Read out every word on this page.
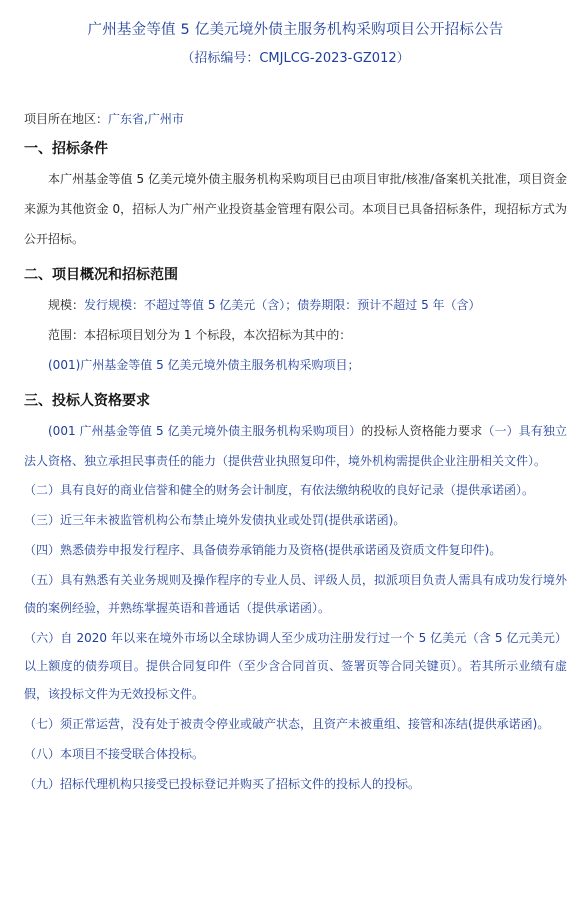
广州基金等值 5 亿美元境外债主服务机构采购项目公开招标公告
（招标编号：CMJLCG-2023-GZ012）
项目所在地区：广东省,广州市
一、招标条件

本广州基金等值 5 亿美元境外债主服务机构采购项目已由项目审批/核准/备案机关批准，项目资金来源为其他资金 0，招标人为广州产业投资基金管理有限公司。本项目已具备招标条件，现招标方式为公开招标。

二、项目概况和招标范围

规模：发行规模：不超过等值 5 亿美元（含）；债券期限：预计不超过 5 年（含）

范围：本招标项目划分为 1 个标段，本次招标为其中的：

(001)广州基金等值 5 亿美元境外债主服务机构采购项目；

三、投标人资格要求

(001 广州基金等值 5 亿美元境外债主服务机构采购项目）的投标人资格能力要求（一）具有独立法人资格、独立承担民事责任的能力（提供营业执照复印件，境外机构需提供企业注册相关文件）。

（二）具有良好的商业信誉和健全的财务会计制度，有依法缴纳税收的良好记录（提供承诺函）。

（三）近三年未被监管机构公布禁止境外发债执业或处罚(提供承诺函)。

（四）熟悉债券申报发行程序、具备债券承销能力及资格(提供承诺函及资质文件复印件)。

（五）具有熟悉有关业务规则及操作程序的专业人员、评级人员，拟派项目负责人需具有成功发行境外债的案例经验，并熟练掌握英语和普通话（提供承诺函）。

（六）自 2020 年以来在境外市场以全球协调人至少成功注册发行过一个 5 亿美元（含 5 亿元美元）以上额度的债券项目。提供合同复印件（至少含合同首页、签署页等合同关键页）。若其所示业绩有虚假，该投标文件为无效投标文件。

（七）须正常运营，没有处于被责令停业或破产状态，且资产未被重组、接管和冻结(提供承诺函)。

（八）本项目不接受联合体投标。

（九）招标代理机构只接受已投标登记并购买了招标文件的投标人的投标。
